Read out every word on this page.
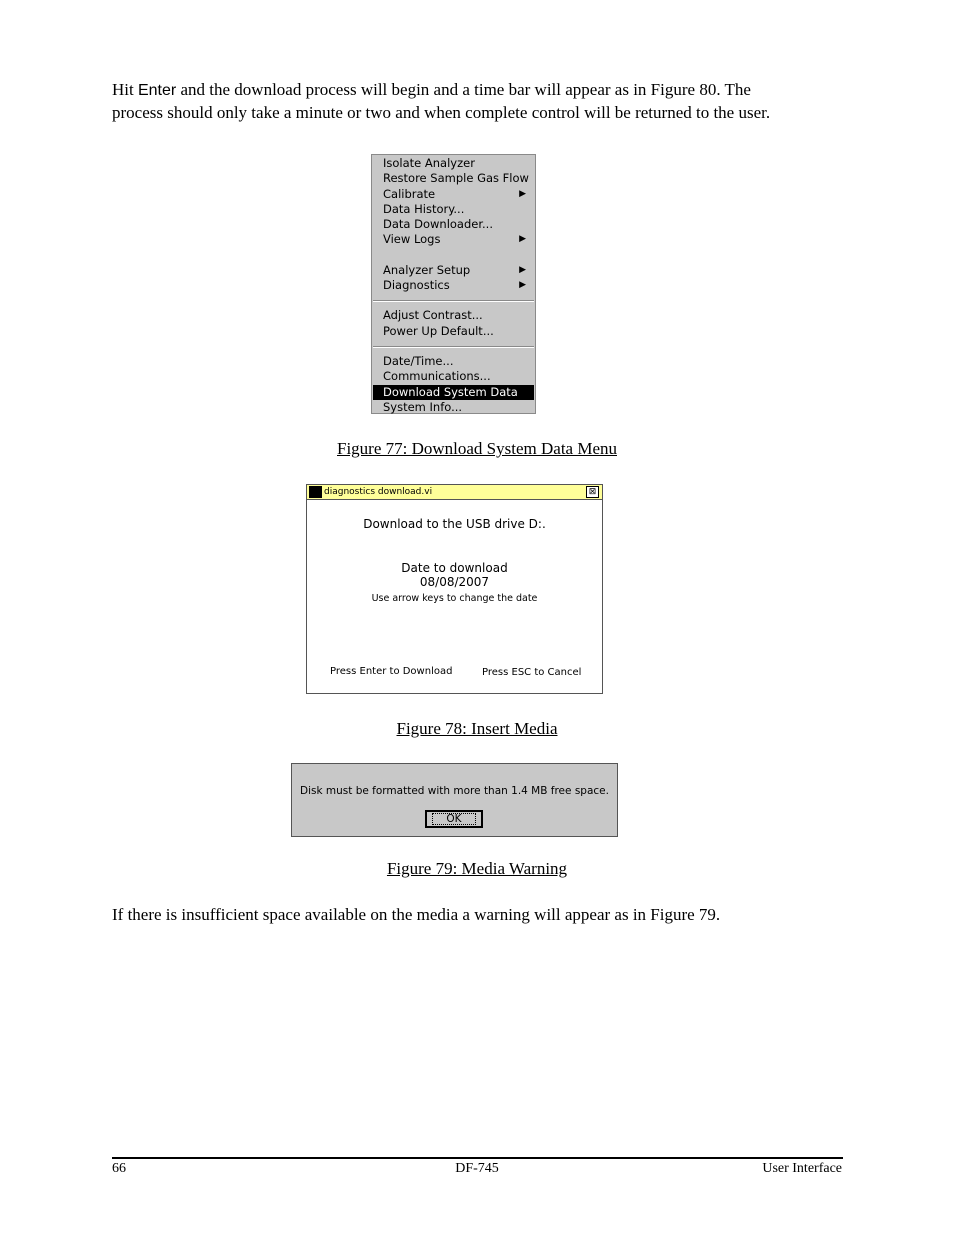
Hit Enter and the download process will begin and a time bar will appear as in Figure 80. The process should only take a minute or two and when complete control will be returned to the user.

Isolate Analyzer
Restore Sample Gas Flow
Calibrate	▶
Data History...
Data Downloader...
View Logs	▶
Analyzer Setup	▶
Diagnostics	▶
Adjust Contrast...
Power Up Default...
Date/Time...
Communications...
Download System Data
System Info...
Figure 77: Download System Data Menu
diagnostics download.vi	⊠
Download to the USB drive D:.
Date to download
08/08/2007
Use arrow keys to change the date
Press Enter to Download	Press ESC to Cancel
Figure 78: Insert Media
Disk must be formatted with more than 1.4 MB free space.
OK
Figure 79: Media Warning

If there is insufficient space available on the media a warning will appear as in Figure 79.

66	DF-745	User Interface
